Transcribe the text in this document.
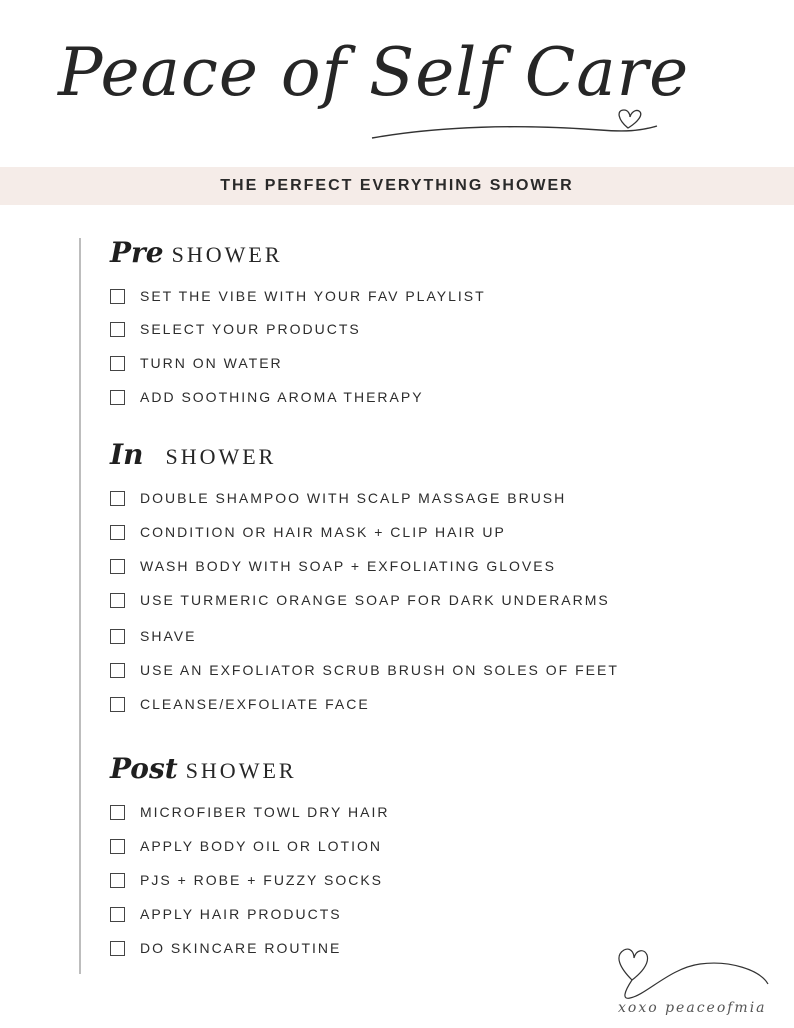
Peace of Self Care
THE PERFECT EVERYTHING SHOWER
Pre SHOWER
SET THE VIBE WITH YOUR FAV PLAYLIST
SELECT YOUR PRODUCTS
TURN ON WATER
ADD SOOTHING AROMA THERAPY
In SHOWER
DOUBLE SHAMPOO WITH SCALP MASSAGE BRUSH
CONDITION OR HAIR MASK + CLIP HAIR UP
WASH BODY WITH SOAP + EXFOLIATING GLOVES
USE TURMERIC ORANGE SOAP FOR DARK UNDERARMS
SHAVE
USE AN EXFOLIATOR SCRUB BRUSH ON SOLES OF FEET
CLEANSE/EXFOLIATE FACE
Post SHOWER
MICROFIBER TOWL DRY HAIR
APPLY BODY OIL OR LOTION
PJS + ROBE + FUZZY SOCKS
APPLY HAIR PRODUCTS
DO SKINCARE ROUTINE
xoxo peaceofmia
